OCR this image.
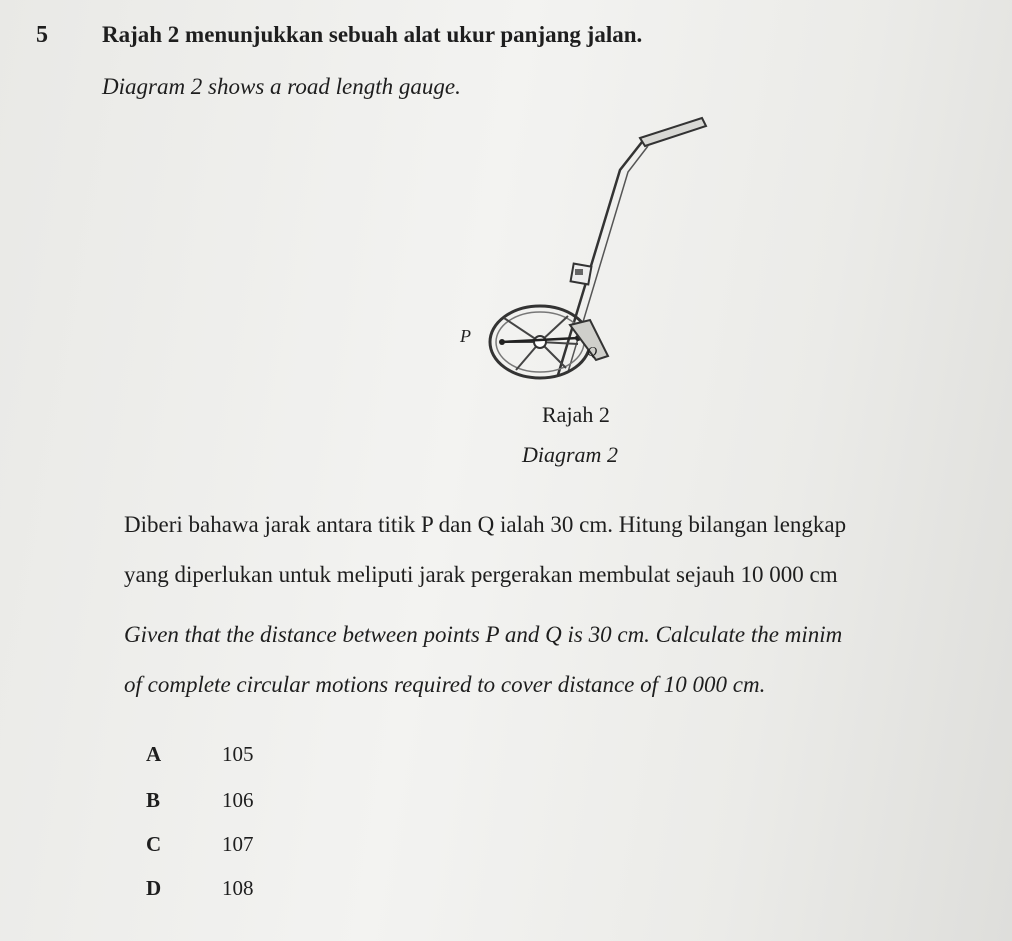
5 Rajah 2 menunjukkan sebuah alat ukur panjang jalan.
Diagram 2 shows a road length gauge.
P
Q
Rajah 2
Diagram 2
Diberi bahawa jarak antara titik P dan Q ialah 30 cm. Hitung bilangan lengkap
yang diperlukan untuk meliputi jarak pergerakan membulat sejauh 10 000 cm
Given that the distance between points P and Q is 30 cm. Calculate the minim
of complete circular motions required to cover distance of 10 000 cm.
A	105
B	106
C	107
D	108
